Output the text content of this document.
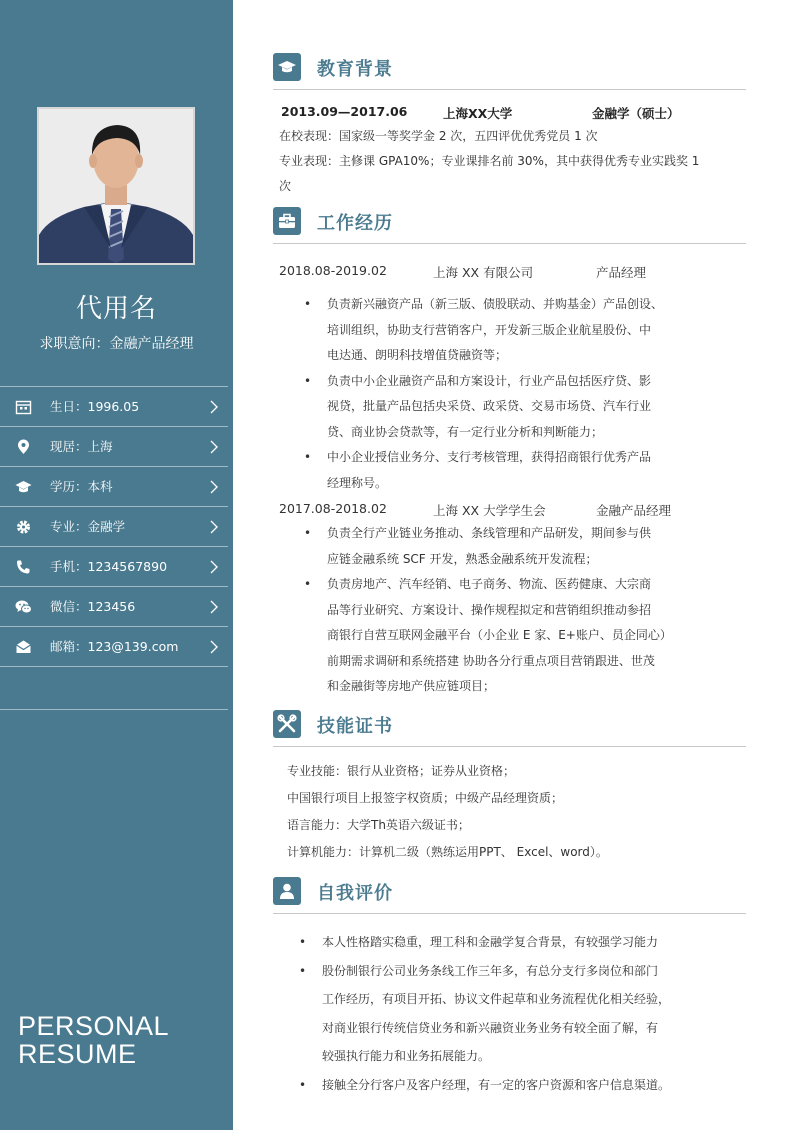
代用名
求职意向：金融产品经理
生日：1996.05
现居：上海
学历：本科
专业：金融学
手机：1234567890
微信：123456
邮箱：123@139.com
PERSONAL
RESUME
教育背景
2013.09—2017.06	上海XX大学	金融学（硕士）
在校表现：国家级一等奖学金 2 次，五四评优优秀党员 1 次
专业表现：主修课 GPA10%；专业课排名前 30%，其中获得优秀专业实践奖 1
次
工作经历
2018.08-2019.02	上海 XX 有限公司	产品经理
• 负责新兴融资产品（新三版、债股联动、并购基金）产品创设、
培训组织，协助支行营销客户，开发新三版企业航星股份、中
电达通、朗明科技增值贷融资等；
• 负责中小企业融资产品和方案设计，行业产品包括医疗贷、影
视贷，批量产品包括央采贷、政采贷、交易市场贷、汽车行业
贷、商业协会贷款等，有一定行业分析和判断能力；
• 中小企业授信业务分、支行考核管理，获得招商银行优秀产品
经理称号。
2017.08-2018.02	上海 XX 大学学生会	金融产品经理
• 负责全行产业链业务推动、条线管理和产品研发，期间参与供
应链金融系统 SCF 开发，熟悉金融系统开发流程；
• 负责房地产、汽车经销、电子商务、物流、医药健康、大宗商
品等行业研究、方案设计、操作规程拟定和营销组织推动参招
商银行自营互联网金融平台（小企业 E 家、E+账户、员企同心）
前期需求调研和系统搭建 协助各分行重点项目营销跟进、世茂
和金融街等房地产供应链项目；
技能证书
专业技能：银行从业资格；证券从业资格；
中国银行项目上报签字权资质；中级产品经理资质；
语言能力：大学Th英语六级证书；
计算机能力：计算机二级（熟练运用PPT、 Excel、word）。
自我评价
• 本人性格踏实稳重，理工科和金融学复合背景，有较强学习能力
• 股份制银行公司业务条线工作三年多，有总分支行多岗位和部门
工作经历，有项目开拓、协议文件起草和业务流程优化相关经验，
对商业银行传统信贷业务和新兴融资业务业务有较全面了解，有
较强执行能力和业务拓展能力。
• 接触全分行客户及客户经理，有一定的客户资源和客户信息渠道。
